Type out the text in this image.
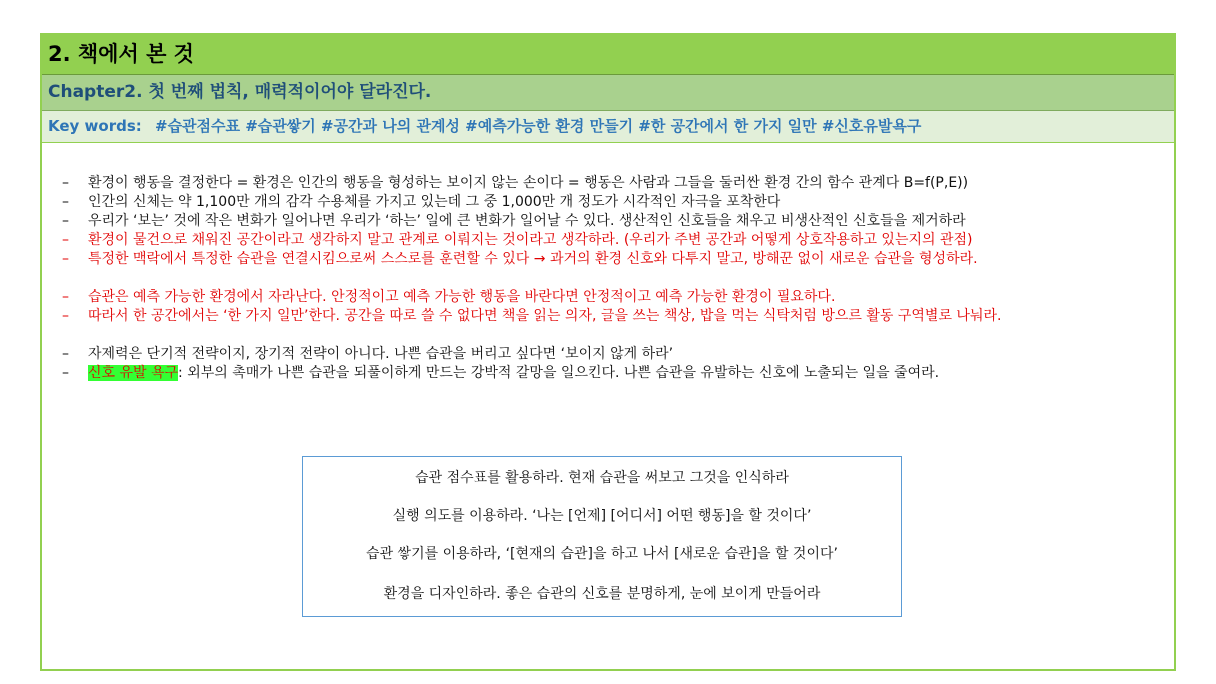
2. 책에서 본 것
Chapter2. 첫 번째 법칙, 매력적이어야 달라진다.
Key words: #습관점수표 #습관쌓기 #공간과 나의 관계성 #예측가능한 환경 만들기 #한 공간에서 한 가지 일만 #신호유발욕구
–	환경이 행동을 결정한다 = 환경은 인간의 행동을 형성하는 보이지 않는 손이다 = 행동은 사람과 그들을 둘러싼 환경 간의 함수 관계다 B=f(P,E))
–	인간의 신체는 약 1,100만 개의 감각 수용체를 가지고 있는데 그 중 1,000만 개 정도가 시각적인 자극을 포착한다
–	우리가 ‘보는’ 것에 작은 변화가 일어나면 우리가 ‘하는’ 일에 큰 변화가 일어날 수 있다. 생산적인 신호들을 채우고 비생산적인 신호들을 제거하라
–	환경이 물건으로 채워진 공간이라고 생각하지 말고 관계로 이뤄지는 것이라고 생각하라. (우리가 주변 공간과 어떻게 상호작용하고 있는지의 관점)
–	특정한 맥락에서 특정한 습관을 연결시킴으로써 스스로를 훈련할 수 있다 → 과거의 환경 신호와 다투지 말고, 방해꾼 없이 새로운 습관을 형성하라.
–	습관은 예측 가능한 환경에서 자라난다. 안정적이고 예측 가능한 행동을 바란다면 안정적이고 예측 가능한 환경이 필요하다.
–	따라서 한 공간에서는 ‘한 가지 일만’한다. 공간을 따로 쓸 수 없다면 책을 읽는 의자, 글을 쓰는 책상, 밥을 먹는 식탁처럼 방으르 활동 구역별로 나눠라.
–	자제력은 단기적 전략이지, 장기적 전략이 아니다. 나쁜 습관을 버리고 싶다면 ‘보이지 않게 하라’
–	신호 유발 욕구: 외부의 촉매가 나쁜 습관을 되풀이하게 만드는 강박적 갈망을 일으킨다. 나쁜 습관을 유발하는 신호에 노출되는 일을 줄여라.
습관 점수표를 활용하라. 현재 습관을 써보고 그것을 인식하라
실행 의도를 이용하라. ‘나는 [언제] [어디서] 어떤 행동]을 할 것이다’
습관 쌓기를 이용하라, ‘[현재의 습관]을 하고 나서 [새로운 습관]을 할 것이다’
환경을 디자인하라. 좋은 습관의 신호를 분명하게, 눈에 보이게 만들어라
